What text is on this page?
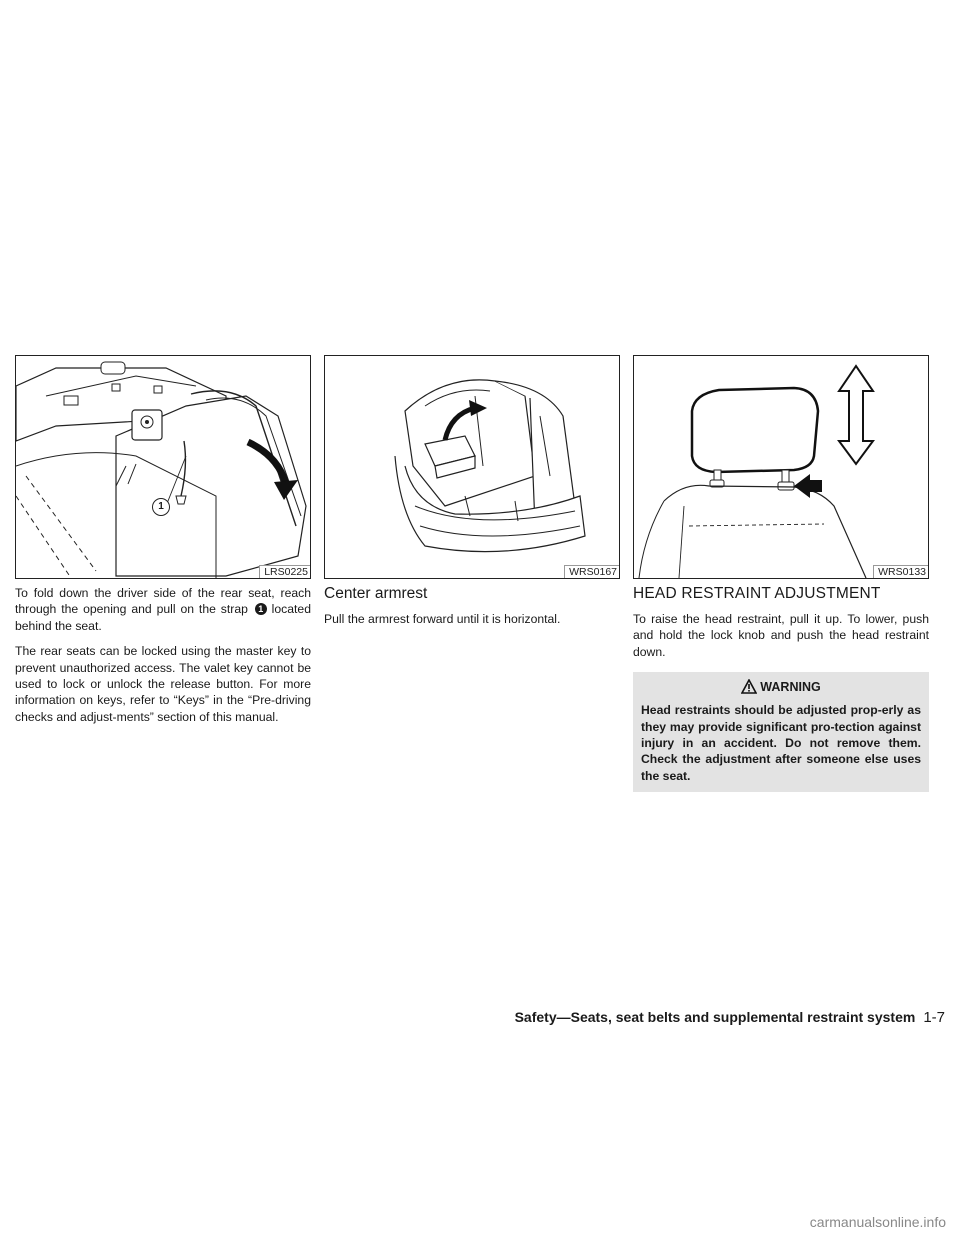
1
LRS0225

To fold down the driver side of the rear seat, reach through the opening and pull on the strap 1 located behind the seat.

The rear seats can be locked using the master key to prevent unauthorized access. The valet key cannot be used to lock or unlock the release button. For more information on keys, refer to “Keys” in the “Pre-driving checks and adjust-ments” section of this manual.

WRS0167
Center armrest

Pull the armrest forward until it is horizontal.

WRS0133
HEAD RESTRAINT ADJUSTMENT

To raise the head restraint, pull it up. To lower, push and hold the lock knob and push the head restraint down.

WARNING
Head restraints should be adjusted prop-erly as they may provide significant pro-tection against injury in an accident. Do not remove them. Check the adjustment after someone else uses the seat.
Safety—Seats, seat belts and supplemental restraint system 1-7
carmanualsonline.info
